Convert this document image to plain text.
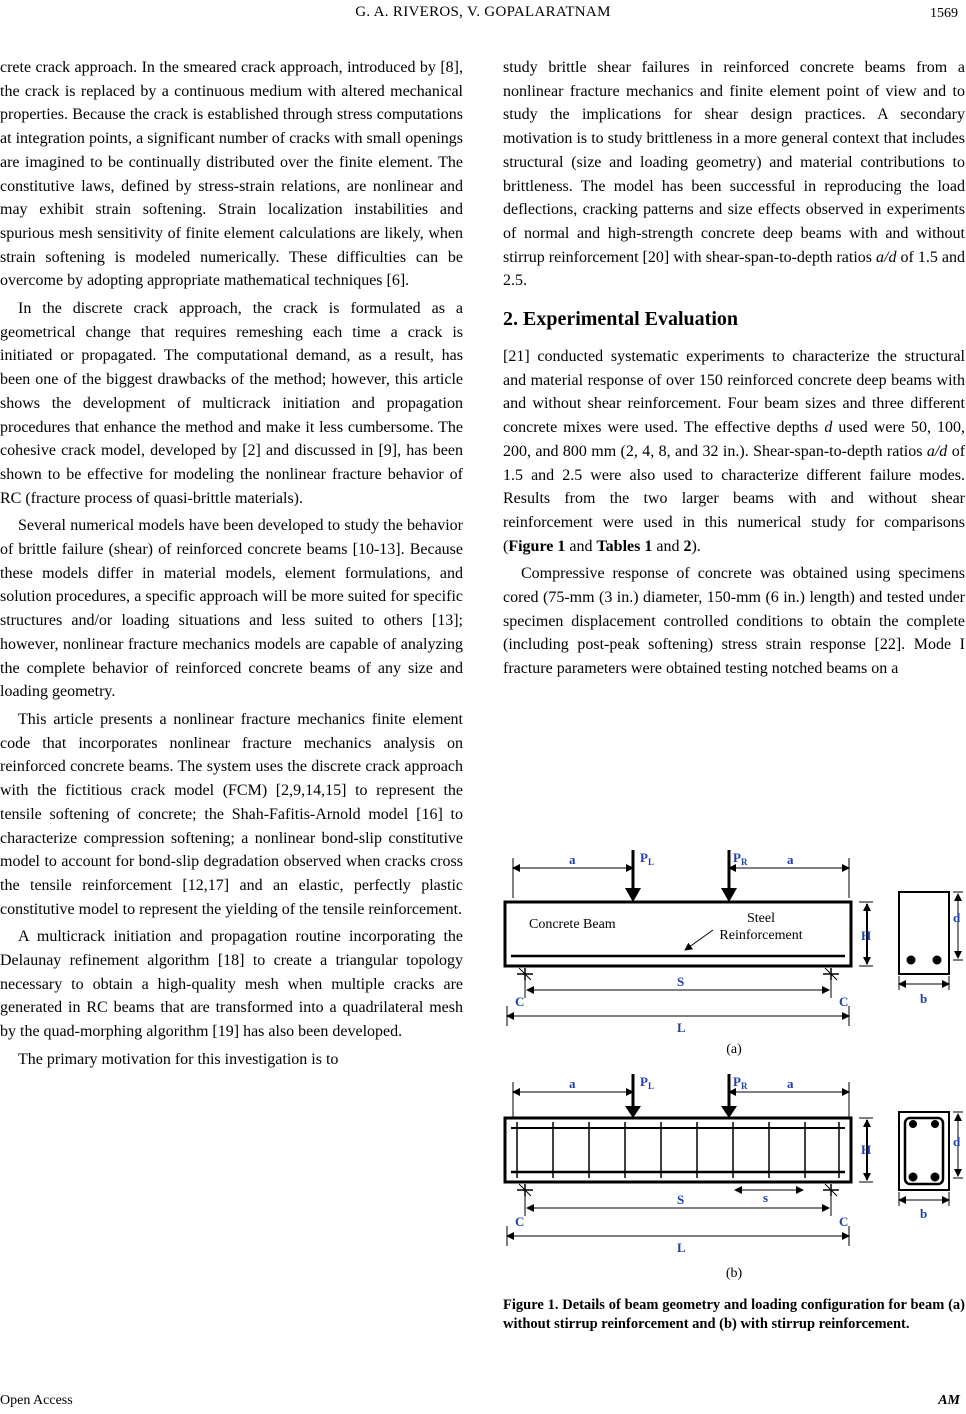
G. A. RIVEROS, V. GOPALARATNAM	1569

crete crack approach. In the smeared crack approach, introduced by [8], the crack is replaced by a continuous medium with altered mechanical properties. Because the crack is established through stress computations at integration points, a significant number of cracks with small openings are imagined to be continually distributed over the finite element. The constitutive laws, defined by stress-strain relations, are nonlinear and may exhibit strain softening. Strain localization instabilities and spurious mesh sensitivity of finite element calculations are likely, when strain softening is modeled numerically. These difficulties can be overcome by adopting appropriate mathematical techniques [6].

In the discrete crack approach, the crack is formulated as a geometrical change that requires remeshing each time a crack is initiated or propagated. The computational demand, as a result, has been one of the biggest drawbacks of the method; however, this article shows the development of multicrack initiation and propagation procedures that enhance the method and make it less cumbersome. The cohesive crack model, developed by [2] and discussed in [9], has been shown to be effective for modeling the nonlinear fracture behavior of RC (fracture process of quasi-brittle materials).

Several numerical models have been developed to study the behavior of brittle failure (shear) of reinforced concrete beams [10-13]. Because these models differ in material models, element formulations, and solution procedures, a specific approach will be more suited for specific structures and/or loading situations and less suited to others [13]; however, nonlinear fracture mechanics models are capable of analyzing the complete behavior of reinforced concrete beams of any size and loading geometry.

This article presents a nonlinear fracture mechanics finite element code that incorporates nonlinear fracture mechanics analysis on reinforced concrete beams. The system uses the discrete crack approach with the fictitious crack model (FCM) [2,9,14,15] to represent the tensile softening of concrete; the Shah-Fafitis-Arnold model [16] to characterize compression softening; a nonlinear bond-slip constitutive model to account for bond-slip degradation observed when cracks cross the tensile reinforcement [12,17] and an elastic, perfectly plastic constitutive model to represent the yielding of the tensile reinforcement.

A multicrack initiation and propagation routine incorporating the Delaunay refinement algorithm [18] to create a triangular topology necessary to obtain a high-quality mesh when multiple cracks are generated in RC beams that are transformed into a quadrilateral mesh by the quad-morphing algorithm [19] has also been developed.

The primary motivation for this investigation is to

study brittle shear failures in reinforced concrete beams from a nonlinear fracture mechanics and finite element point of view and to study the implications for shear design practices. A secondary motivation is to study brittleness in a more general context that includes structural (size and loading geometry) and material contributions to brittleness. The model has been successful in reproducing the load deflections, cracking patterns and size effects observed in experiments of normal and high-strength concrete deep beams with and without stirrup reinforcement [20] with shear-span-to-depth ratios a/d of 1.5 and 2.5.

2. Experimental Evaluation

[21] conducted systematic experiments to characterize the structural and material response of over 150 reinforced concrete deep beams with and without shear reinforcement. Four beam sizes and three different concrete mixes were used. The effective depths d used were 50, 100, 200, and 800 mm (2, 4, 8, and 32 in.). Shear-span-to-depth ratios a/d of 1.5 and 2.5 were also used to characterize different failure modes. Results from the two larger beams with and without shear reinforcement were used in this numerical study for comparisons (Figure 1 and Tables 1 and 2).

Compressive response of concrete was obtained using specimens cored (75-mm (3 in.) diameter, 150-mm (6 in.) length) and tested under specimen displacement controlled conditions to obtain the complete (including post-peak softening) stress strain response [22]. Mode I fracture parameters were obtained testing notched beams on a

a	a
$P_L$	$P_R$
Concrete Beam	Steel
Reinforcement	H
S
C	C
L
d
b
(a)
a	a
$P_L$	$P_R$
H
s
S
C	C
L
d
b
(b)
Figure 1. Details of beam geometry and loading configuration for beam (a) without stirrup reinforcement and (b) with stirrup reinforcement.
Open Access	AM
